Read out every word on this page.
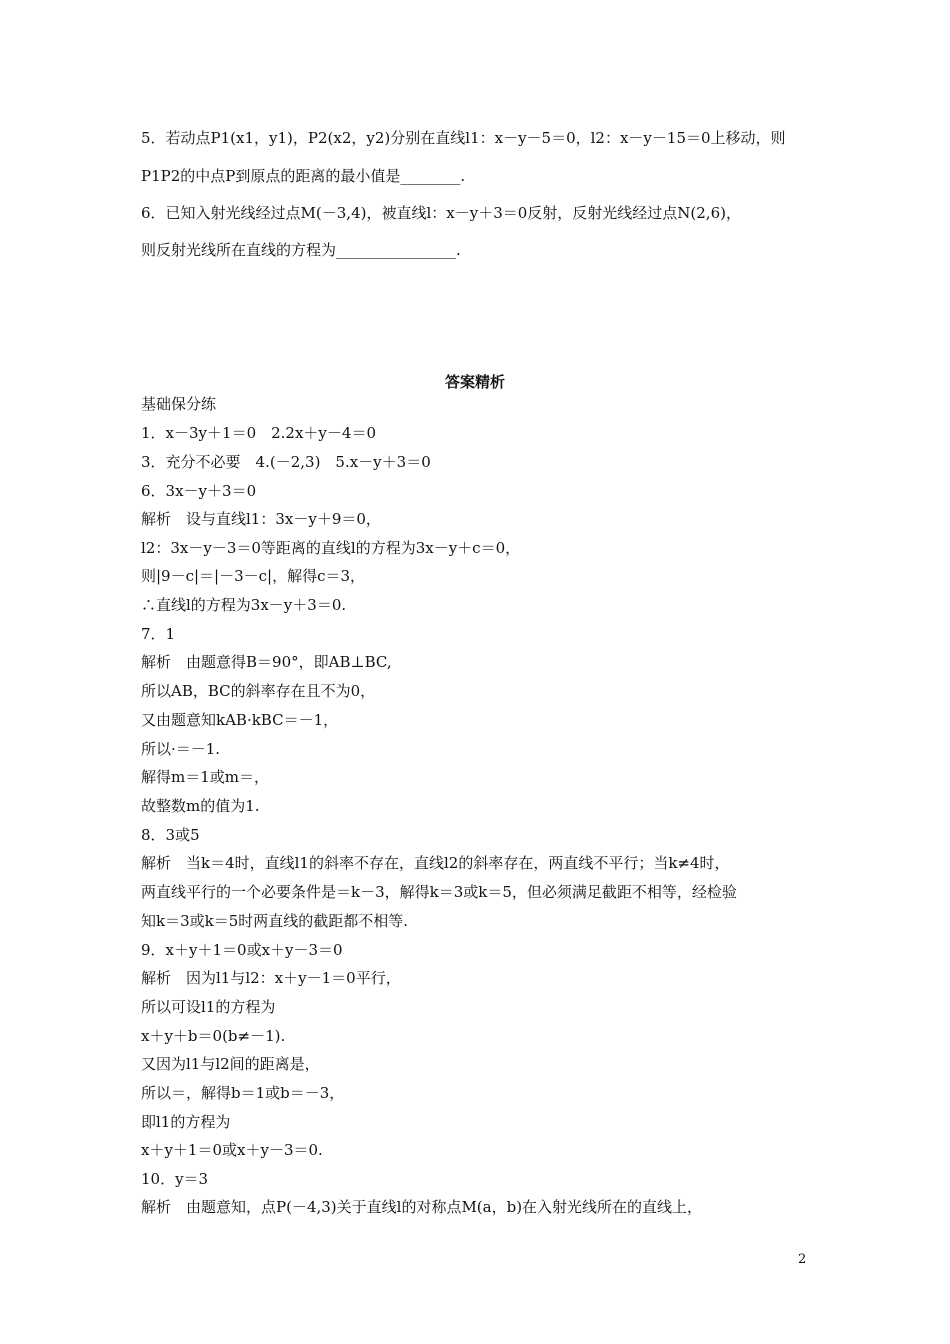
5．若动点P1(x1，y1)，P2(x2，y2)分别在直线l1：x－y－5＝0，l2：x－y－15＝0上移动，则
P1P2的中点P到原点的距离的最小值是________.
6．已知入射光线经过点M(－3,4)，被直线l：x－y＋3＝0反射，反射光线经过点N(2,6)，
则反射光线所在直线的方程为________________.
答案精析
基础保分练
1．x－3y＋1＝0　2.2x＋y－4＝0
3．充分不必要　4.(－2,3)　5.x－y＋3＝0
6．3x－y＋3＝0
解析　设与直线l1：3x－y＋9＝0，
l2：3x－y－3＝0等距离的直线l的方程为3x－y＋c＝0，
则|9－c|＝|－3－c|，解得c＝3，
∴直线l的方程为3x－y＋3＝0.
7．1
解析　由题意得B＝90°，即AB⊥BC,
所以AB，BC的斜率存在且不为0，
又由题意知kAB·kBC＝－1，
所以·＝－1.
解得m＝1或m＝，
故整数m的值为1.
8．3或5
解析　当k＝4时，直线l1的斜率不存在，直线l2的斜率存在，两直线不平行；当k≠4时，
两直线平行的一个必要条件是＝k－3，解得k＝3或k＝5，但必须满足截距不相等，经检验
知k＝3或k＝5时两直线的截距都不相等.
9．x＋y＋1＝0或x＋y－3＝0
解析　因为l1与l2：x＋y－1＝0平行，
所以可设l1的方程为
x＋y＋b＝0(b≠－1).
又因为l1与l2间的距离是，
所以＝，解得b＝1或b＝－3，
即l1的方程为
x＋y＋1＝0或x＋y－3＝0.
10．y＝3
解析　由题意知，点P(－4,3)关于直线l的对称点M(a，b)在入射光线所在的直线上，
2
